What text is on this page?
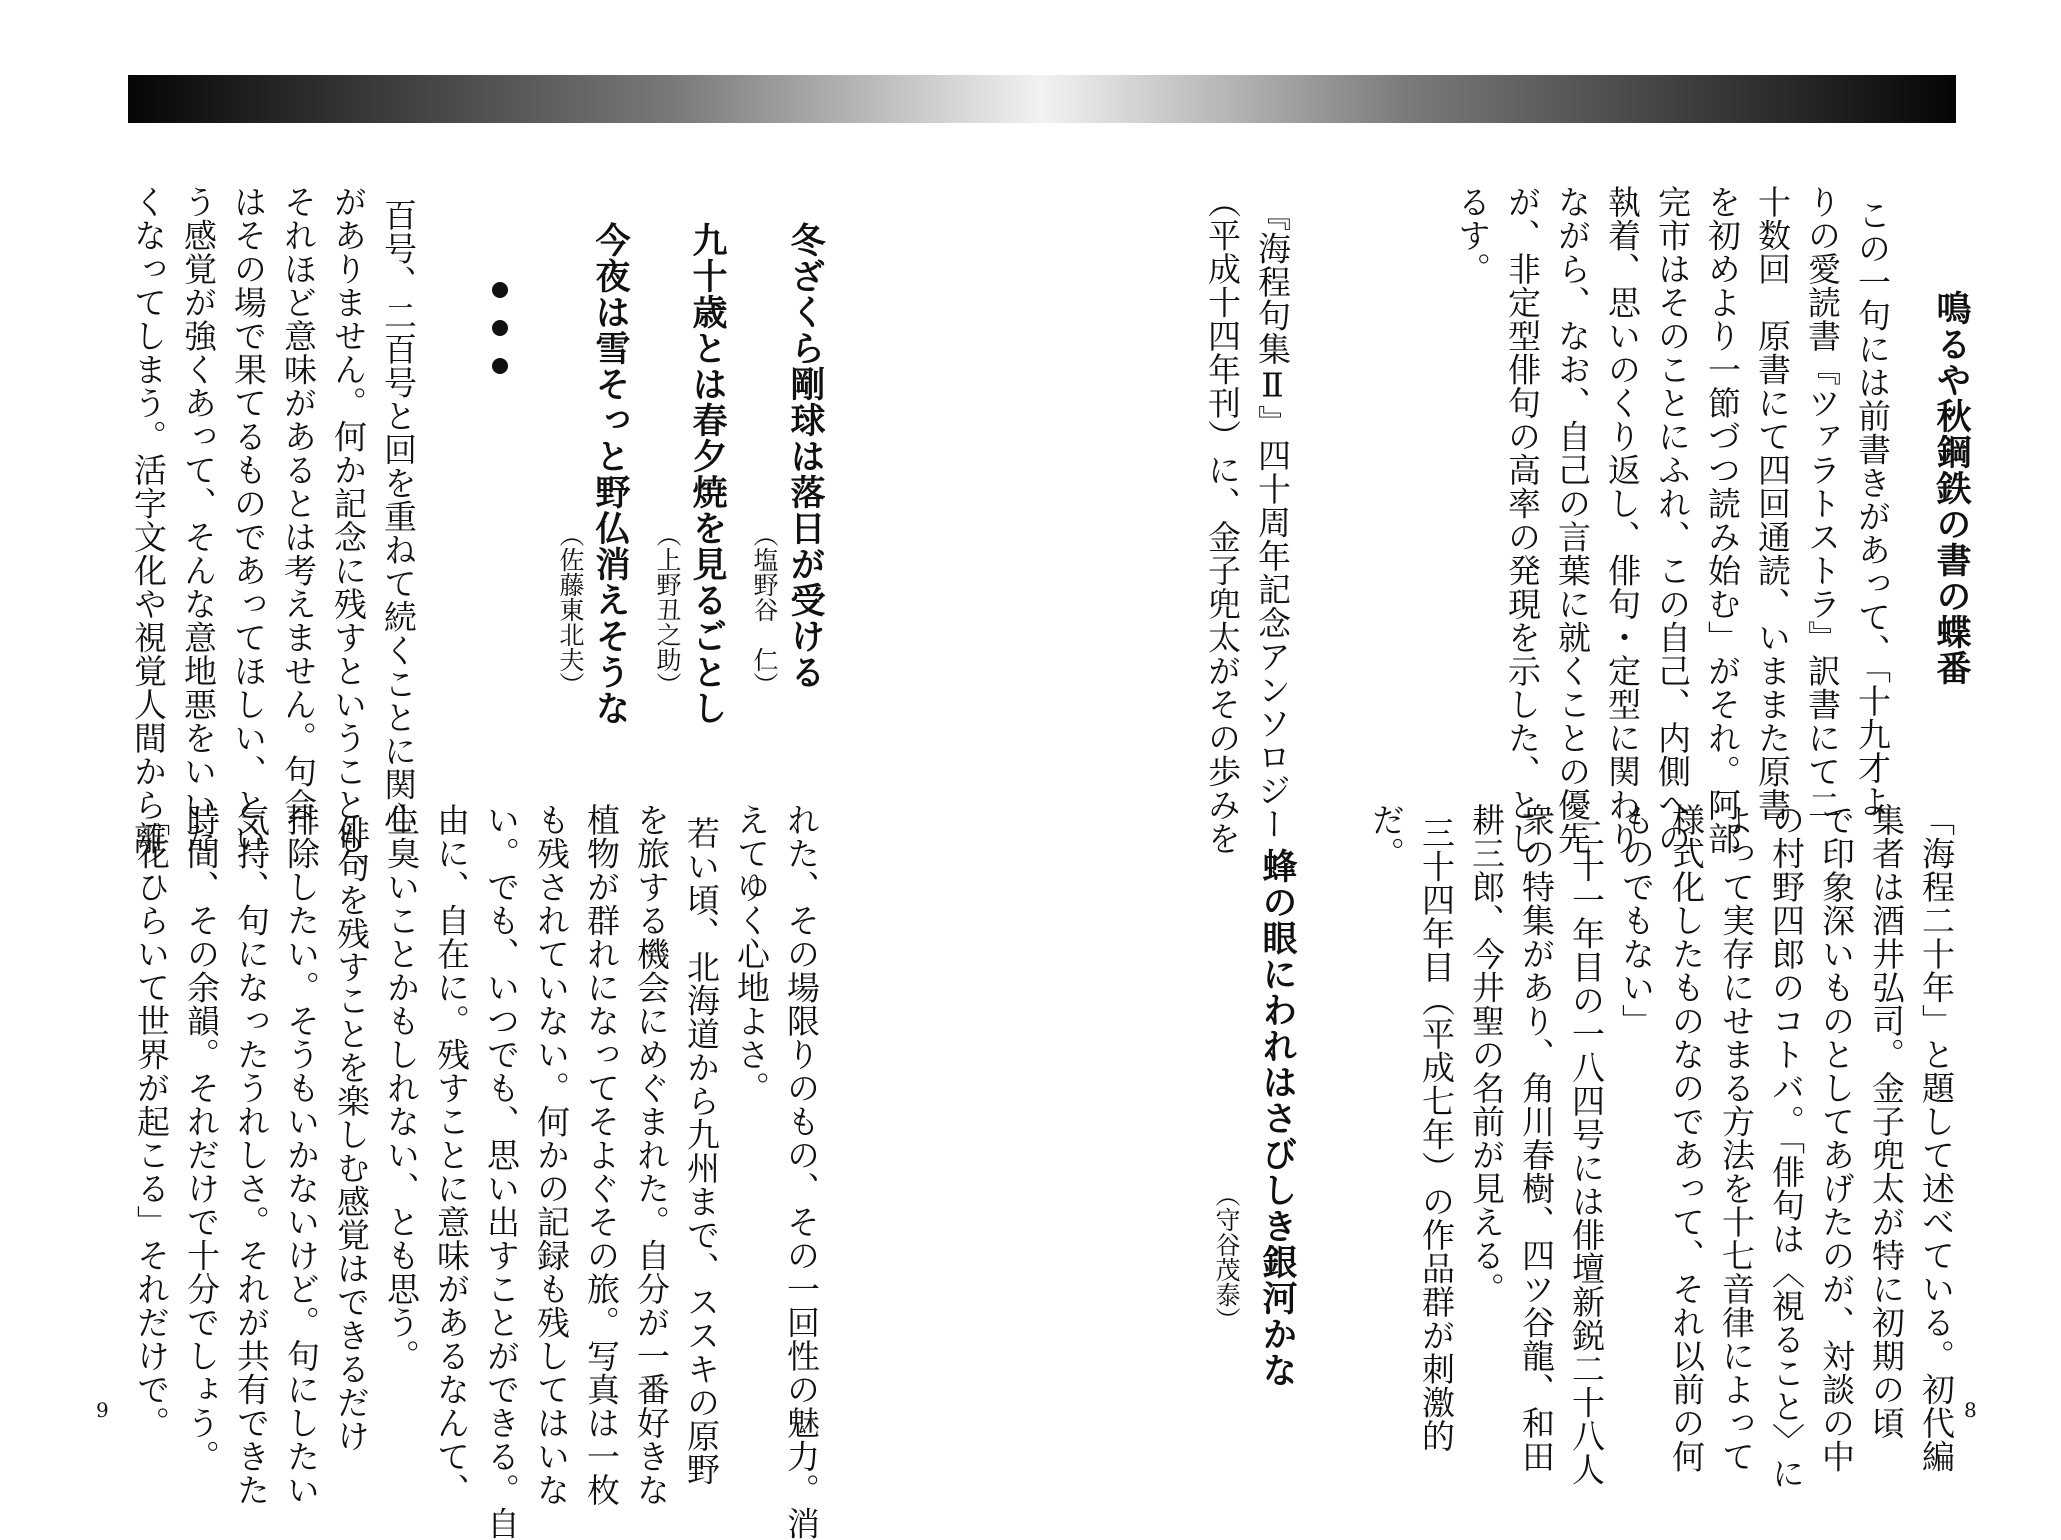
鳴るや秋鋼鉄の書の蝶番
この一句には前書きがあって、「十九才よ
りの愛読書『ツァラトストラ』訳書にて二
十数回　原書にて四回通読、いままた原書
を初めより一節づつ読み始む」がそれ。阿部
完市はそのことにふれ、この自己、内側への
執着、思いのくり返し、俳句・定型に関わり
ながら、なお、自己の言葉に就くことの優先
が、非定型俳句の高率の発現を示した、とし
るす。
『海程句集Ⅱ』四十周年記念アンソロジー
（平成十四年刊）に、金子兜太がその歩みを
「海程二十年」と題して述べている。初代編
集者は酒井弘司。金子兜太が特に初期の頃
で印象深いものとしてあげたのが、対談の中
の村野四郎のコトバ。「俳句は〈視ること〉に
よって実存にせまる方法を十七音律によって
様式化したものなのであって、それ以前の何
ものでもない」
二十一年目の一八四号には俳壇新鋭二十八人
衆の特集があり、角川春樹、四ツ谷龍、和田
耕三郎、今井聖の名前が見える。
三十四年目（平成七年）の作品群が刺激的
だ。
蜂の眼にわれはさびしき銀河かな
（守谷茂泰）
8
冬ざくら剛球は落日が受ける
（塩野谷　仁）
九十歳とは春夕焼を見るごとし
（上野丑之助）
今夜は雪そっと野仏消えそうな
（佐藤東北夫）
百号、二百号と回を重ねて続くことに関心
がありません。何か記念に残すということも、
それほど意味があるとは考えません。句会
はその場で果てるものであってほしい、とい
う感覚が強くあって、そんな意地悪をいいた
くなってしまう。活字文化や視覚人間から離
れた、その場限りのもの、その一回性の魅力。消
えてゆく心地よさ。
若い頃、北海道から九州まで、ススキの原野
を旅する機会にめぐまれた。自分が一番好きな
植物が群れになってそよぐその旅。写真は一枚
も残されていない。何かの記録も残してはいな
い。でも、いつでも、思い出すことができる。自
由に、自在に。残すことに意味があるなんて、
生臭いことかもしれない、とも思う。
俳句を残すことを楽しむ感覚はできるだけ
排除したい。そうもいかないけど。句にしたい
気持、句になったうれしさ。それが共有できた
時間、その余韻。それだけで十分でしょう。
「花ひらいて世界が起こる」それだけで。
9
